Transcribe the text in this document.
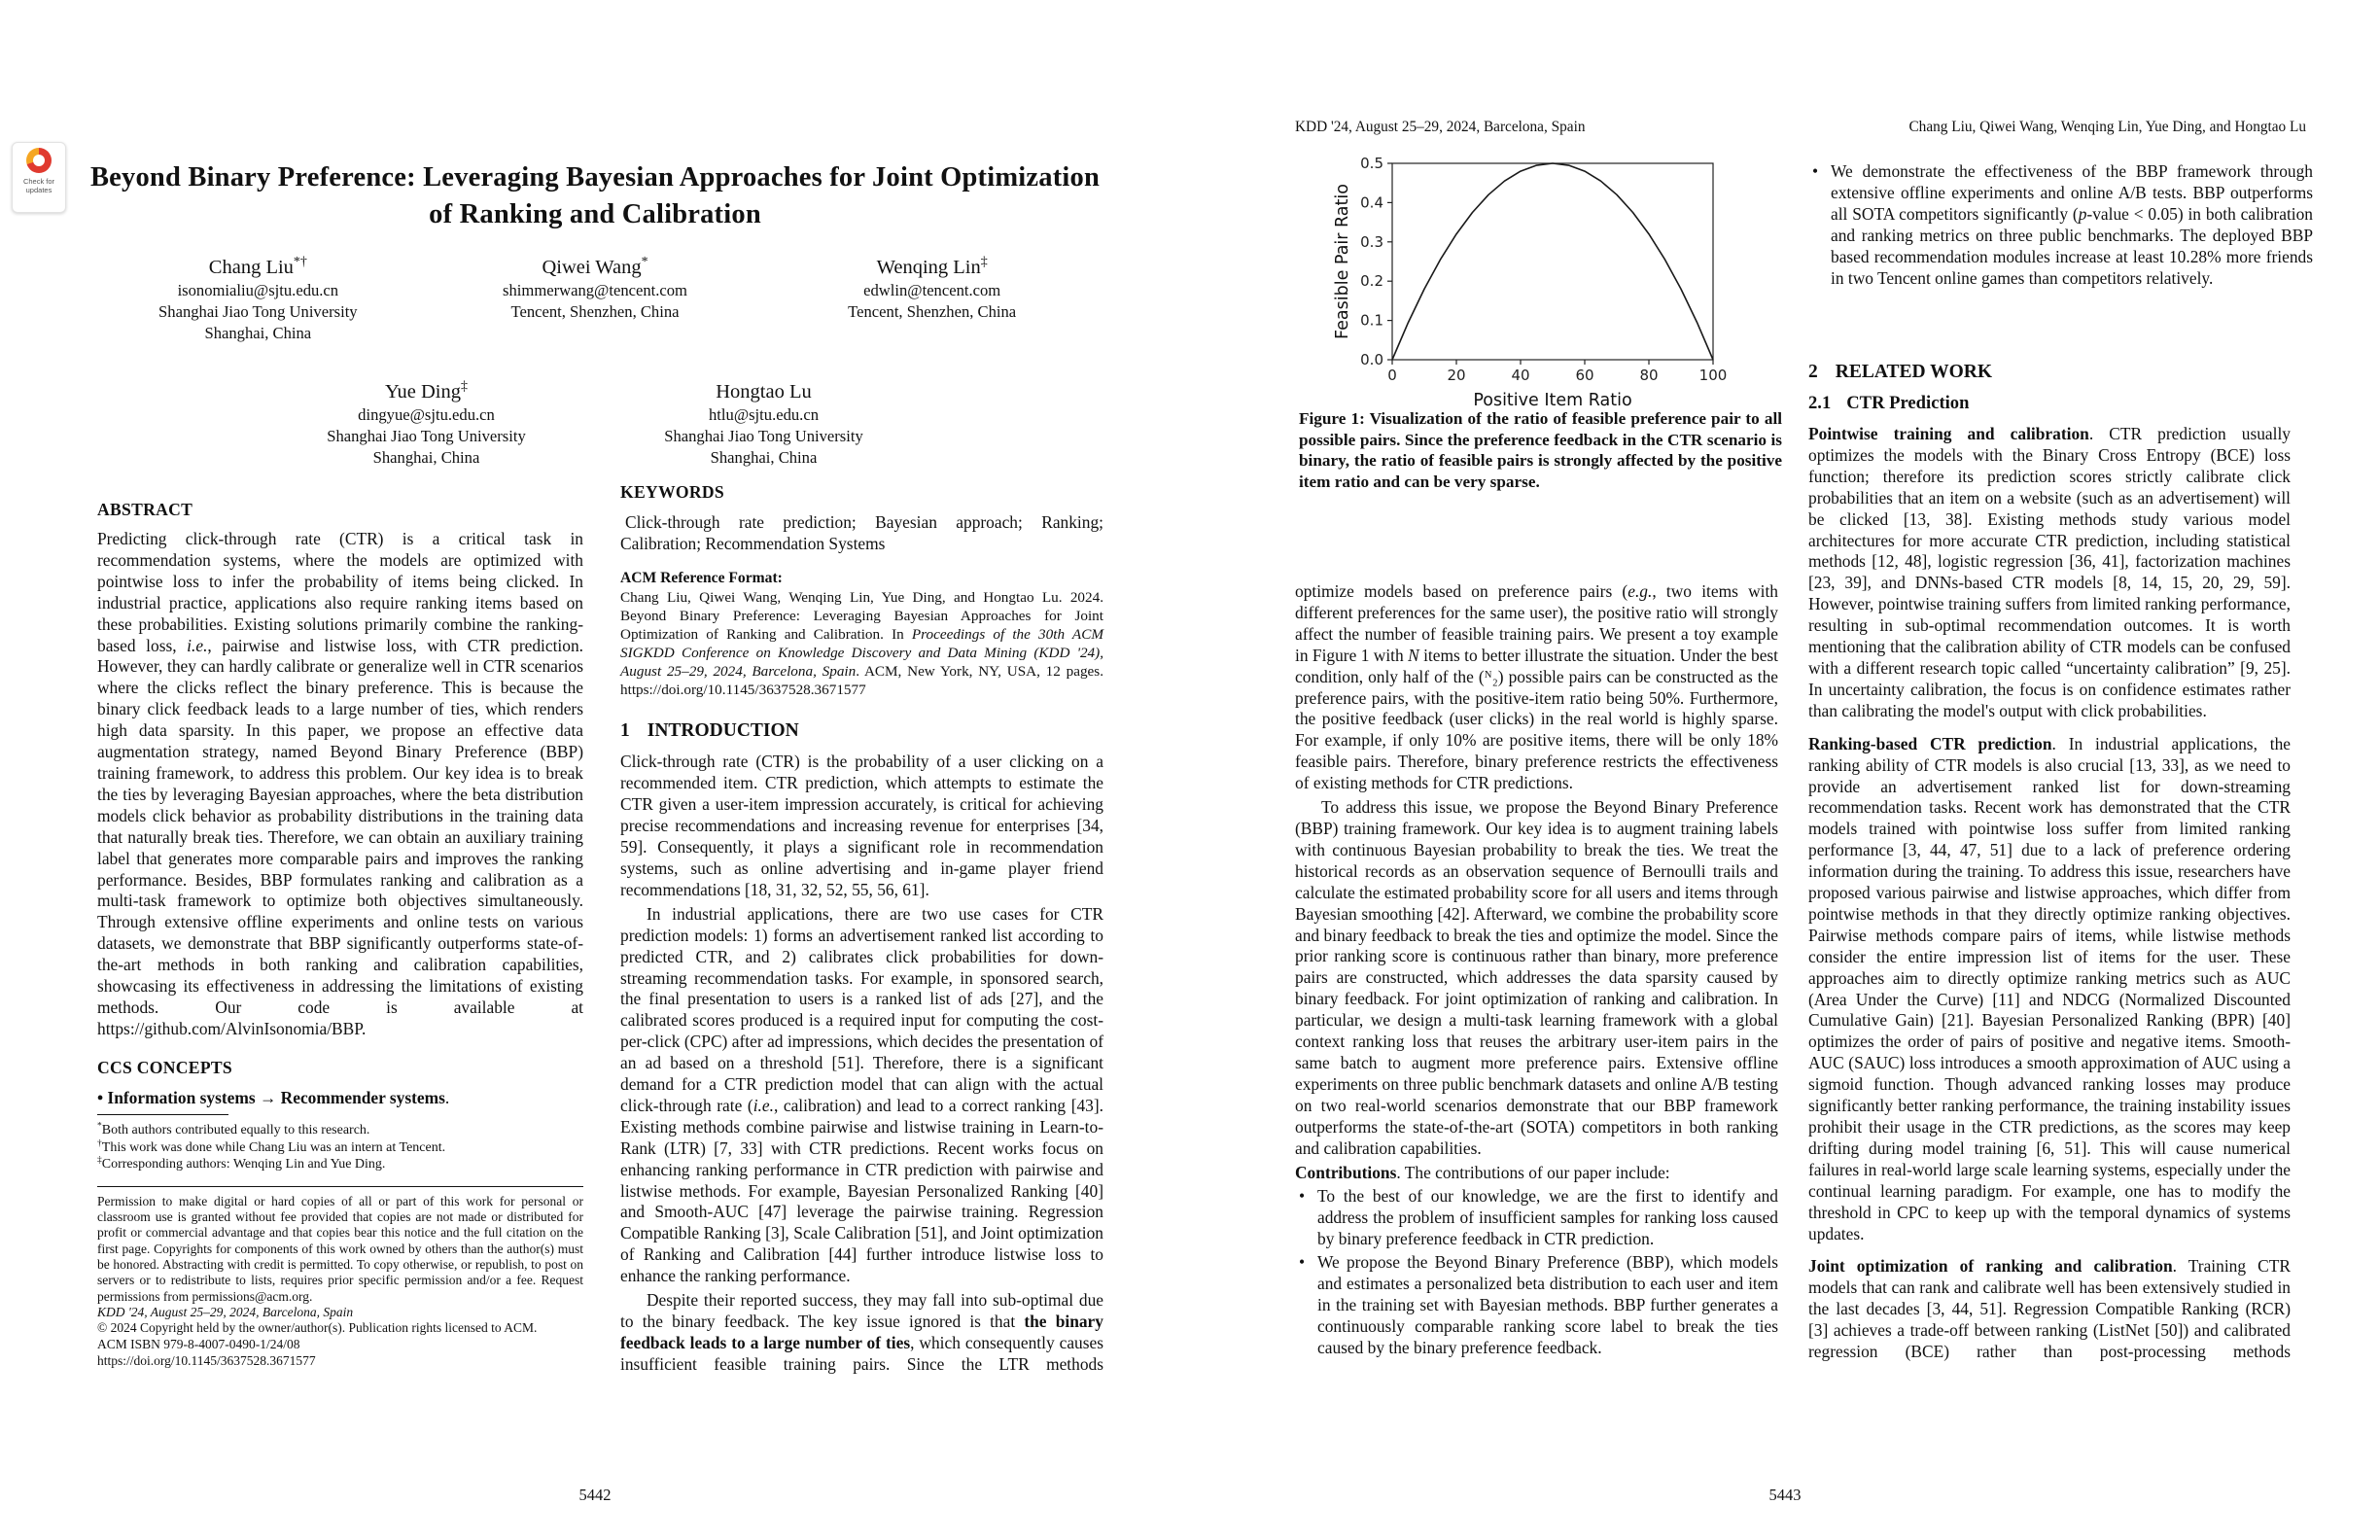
Check for
updates Beyond Binary Preference: Leveraging Bayesian Approaches for Joint Optimization of Ranking and Calibration
Chang Liu*†
isonomialiu@sjtu.edu.cn
Shanghai Jiao Tong University
Shanghai, China
Qiwei Wang*
shimmerwang@tencent.com
Tencent, Shenzhen, China
Wenqing Lin‡
edwlin@tencent.com
Tencent, Shenzhen, China
Yue Ding‡
dingyue@sjtu.edu.cn
Shanghai Jiao Tong University
Shanghai, China
Hongtao Lu
htlu@sjtu.edu.cn
Shanghai Jiao Tong University
Shanghai, China
ABSTRACT

Predicting click-through rate (CTR) is a critical task in recommendation systems, where the models are optimized with pointwise loss to infer the probability of items being clicked. In industrial practice, applications also require ranking items based on these probabilities. Existing solutions primarily combine the ranking-based loss, i.e., pairwise and listwise loss, with CTR prediction. However, they can hardly calibrate or generalize well in CTR scenarios where the clicks reflect the binary preference. This is because the binary click feedback leads to a large number of ties, which renders high data sparsity. In this paper, we propose an effective data augmentation strategy, named Beyond Binary Preference (BBP) training framework, to address this problem. Our key idea is to break the ties by leveraging Bayesian approaches, where the beta distribution models click behavior as probability distributions in the training data that naturally break ties. Therefore, we can obtain an auxiliary training label that generates more comparable pairs and improves the ranking performance. Besides, BBP formulates ranking and calibration as a multi-task framework to optimize both objectives simultaneously. Through extensive offline experiments and online tests on various datasets, we demonstrate that BBP significantly outperforms state-of-the-art methods in both ranking and calibration capabilities, showcasing its effectiveness in addressing the limitations of existing methods. Our code is available at https://github.com/AlvinIsonomia/BBP.

CCS CONCEPTS

• Information systems → Recommender systems.

*Both authors contributed equally to this research.
†This work was done while Chang Liu was an intern at Tencent.
‡Corresponding authors: Wenqing Lin and Yue Ding.

Permission to make digital or hard copies of all or part of this work for personal or classroom use is granted without fee provided that copies are not made or distributed for profit or commercial advantage and that copies bear this notice and the full citation on the first page. Copyrights for components of this work owned by others than the author(s) must be honored. Abstracting with credit is permitted. To copy otherwise, or republish, to post on servers or to redistribute to lists, requires prior specific permission and/or a fee. Request permissions from permissions@acm.org.

KDD '24, August 25–29, 2024, Barcelona, Spain
© 2024 Copyright held by the owner/author(s). Publication rights licensed to ACM.
ACM ISBN 979-8-4007-0490-1/24/08
https://doi.org/10.1145/3637528.3671577
KEYWORDS

Click-through rate prediction; Bayesian approach; Ranking; Calibration; Recommendation Systems

ACM Reference Format:

Chang Liu, Qiwei Wang, Wenqing Lin, Yue Ding, and Hongtao Lu. 2024. Beyond Binary Preference: Leveraging Bayesian Approaches for Joint Optimization of Ranking and Calibration. In Proceedings of the 30th ACM SIGKDD Conference on Knowledge Discovery and Data Mining (KDD '24), August 25–29, 2024, Barcelona, Spain. ACM, New York, NY, USA, 12 pages. https://doi.org/10.1145/3637528.3671577

1 INTRODUCTION

Click-through rate (CTR) is the probability of a user clicking on a recommended item. CTR prediction, which attempts to estimate the CTR given a user-item impression accurately, is critical for achieving precise recommendations and increasing revenue for enterprises [34, 59]. Consequently, it plays a significant role in recommendation systems, such as online advertising and in-game player friend recommendations [18, 31, 32, 52, 55, 56, 61].

In industrial applications, there are two use cases for CTR prediction models: 1) forms an advertisement ranked list according to predicted CTR, and 2) calibrates click probabilities for down-streaming recommendation tasks. For example, in sponsored search, the final presentation to users is a ranked list of ads [27], and the calibrated scores produced is a required input for computing the cost-per-click (CPC) after ad impressions, which decides the presentation of an ad based on a threshold [51]. Therefore, there is a significant demand for a CTR prediction model that can align with the actual click-through rate (i.e., calibration) and lead to a correct ranking [43]. Existing methods combine pairwise and listwise training in Learn-to-Rank (LTR) [7, 33] with CTR predictions. Recent works focus on enhancing ranking performance in CTR prediction with pairwise and listwise methods. For example, Bayesian Personalized Ranking [40] and Smooth-AUC [47] leverage the pairwise training. Regression Compatible Ranking [3], Scale Calibration [51], and Joint optimization of Ranking and Calibration [44] further introduce listwise loss to enhance the ranking performance.

Despite their reported success, they may fall into sub-optimal due to the binary feedback. The key issue ignored is that the binary feedback leads to a large number of ties, which consequently causes insufficient feasible training pairs. Since the LTR methods

5442
KDD '24, August 25–29, 2024, Barcelona, Spain	Chang Liu, Qiwei Wang, Wenqing Lin, Yue Ding, and Hongtao Lu
0	20	40	60	80	100
0.0
0.1
0.2
0.3
0.4
0.5
Positive Item Ratio
Feasible Pair Ratio
Figure 1: Visualization of the ratio of feasible preference pair to all possible pairs. Since the preference feedback in the CTR scenario is binary, the ratio of feasible pairs is strongly affected by the positive item ratio and can be very sparse.

optimize models based on preference pairs (e.g., two items with different preferences for the same user), the positive ratio will strongly affect the number of feasible training pairs. We present a toy example in Figure 1 with N items to better illustrate the situation. Under the best condition, only half of the (ᴺ₂) possible pairs can be constructed as the preference pairs, with the positive-item ratio being 50%. Furthermore, the positive feedback (user clicks) in the real world is highly sparse. For example, if only 10% are positive items, there will be only 18% feasible pairs. Therefore, binary preference restricts the effectiveness of existing methods for CTR predictions.

To address this issue, we propose the Beyond Binary Preference (BBP) training framework. Our key idea is to augment training labels with continuous Bayesian probability to break the ties. We treat the historical records as an observation sequence of Bernoulli trails and calculate the estimated probability score for all users and items through Bayesian smoothing [42]. Afterward, we combine the probability score and binary feedback to break the ties and optimize the model. Since the prior ranking score is continuous rather than binary, more preference pairs are constructed, which addresses the data sparsity caused by binary feedback. For joint optimization of ranking and calibration. In particular, we design a multi-task learning framework with a global context ranking loss that reuses the arbitrary user-item pairs in the same batch to augment more preference pairs. Extensive offline experiments on three public benchmark datasets and online A/B testing on two real-world scenarios demonstrate that our BBP framework outperforms the state-of-the-art (SOTA) competitors in both ranking and calibration capabilities.

Contributions. The contributions of our paper include:

• To the best of our knowledge, we are the first to identify and address the problem of insufficient samples for ranking loss caused by binary preference feedback in CTR prediction.
• We propose the Beyond Binary Preference (BBP), which models and estimates a personalized beta distribution to each user and item in the training set with Bayesian methods. BBP further generates a continuously comparable ranking score label to break the ties caused by the binary preference feedback.
• We demonstrate the effectiveness of the BBP framework through extensive offline experiments and online A/B tests. BBP outperforms all SOTA competitors significantly (p-value < 0.05) in both calibration and ranking metrics on three public benchmarks. The deployed BBP based recommendation modules increase at least 10.28% more friends in two Tencent online games than competitors relatively.
2 RELATED WORK
2.1 CTR Prediction

Pointwise training and calibration. CTR prediction usually optimizes the models with the Binary Cross Entropy (BCE) loss function; therefore its prediction scores strictly calibrate click probabilities that an item on a website (such as an advertisement) will be clicked [13, 38]. Existing methods study various model architectures for more accurate CTR prediction, including statistical methods [12, 48], logistic regression [36, 41], factorization machines [23, 39], and DNNs-based CTR models [8, 14, 15, 20, 29, 59]. However, pointwise training suffers from limited ranking performance, resulting in sub-optimal recommendation outcomes. It is worth mentioning that the calibration ability of CTR models can be confused with a different research topic called “uncertainty calibration” [9, 25]. In uncertainty calibration, the focus is on confidence estimates rather than calibrating the model's output with click probabilities.

Ranking-based CTR prediction. In industrial applications, the ranking ability of CTR models is also crucial [13, 33], as we need to provide an advertisement ranked list for down-streaming recommendation tasks. Recent work has demonstrated that the CTR models trained with pointwise loss suffer from limited ranking performance [3, 44, 47, 51] due to a lack of preference ordering information during the training. To address this issue, researchers have proposed various pairwise and listwise approaches, which differ from pointwise methods in that they directly optimize ranking objectives. Pairwise methods compare pairs of items, while listwise methods consider the entire impression list of items for the user. These approaches aim to directly optimize ranking metrics such as AUC (Area Under the Curve) [11] and NDCG (Normalized Discounted Cumulative Gain) [21]. Bayesian Personalized Ranking (BPR) [40] optimizes the order of pairs of positive and negative items. Smooth-AUC (SAUC) loss introduces a smooth approximation of AUC using a sigmoid function. Though advanced ranking losses may produce significantly better ranking performance, the training instability issues prohibit their usage in the CTR predictions, as the scores may keep drifting during model training [6, 51]. This will cause numerical failures in real-world large scale learning systems, especially under the continual learning paradigm. For example, one has to modify the threshold in CPC to keep up with the temporal dynamics of systems updates.

Joint optimization of ranking and calibration. Training CTR models that can rank and calibrate well has been extensively studied in the last decades [3, 44, 51]. Regression Compatible Ranking (RCR) [3] achieves a trade-off between ranking (ListNet [50]) and calibrated regression (BCE) rather than post-processing methods

5443
